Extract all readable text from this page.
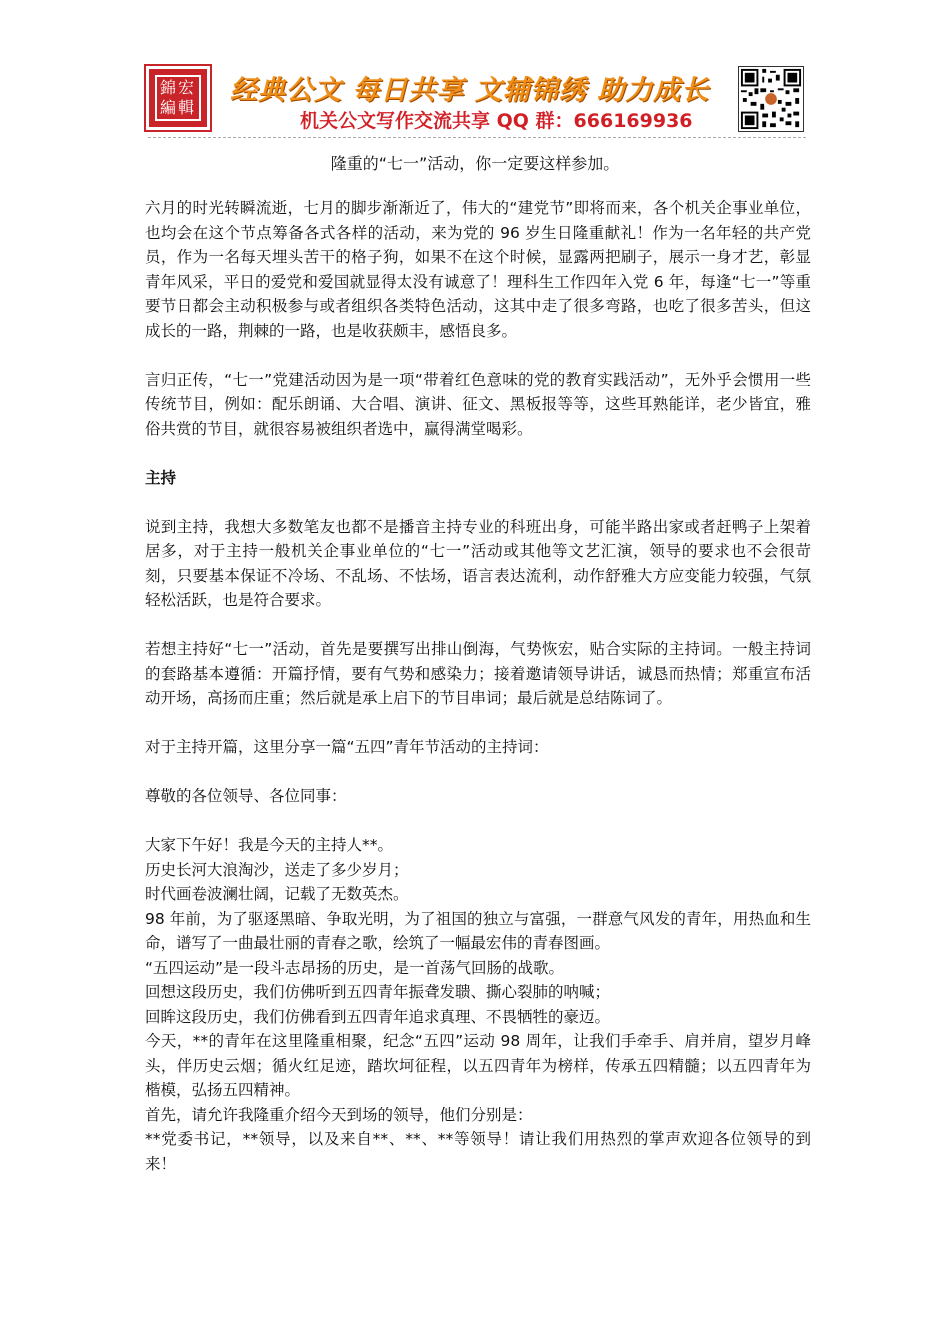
錦宏編輯
经典公文 每日共享 文辅锦绣 助力成长
机关公文写作交流共享 QQ 群：666169936
隆重的“七一”活动，你一定要这样参加。

六月的时光转瞬流逝，七月的脚步渐渐近了，伟大的“建党节”即将而来，各个机关企事业单位，也均会在这个节点筹备各式各样的活动，来为党的 96 岁生日隆重献礼！作为一名年轻的共产党员，作为一名每天埋头苦干的格子狗，如果不在这个时候，显露两把刷子，展示一身才艺，彰显青年风采，平日的爱党和爱国就显得太没有诚意了！理科生工作四年入党 6 年，每逢“七一”等重要节日都会主动积极参与或者组织各类特色活动，这其中走了很多弯路，也吃了很多苦头，但这成长的一路，荆棘的一路，也是收获颇丰，感悟良多。

言归正传，“七一”党建活动因为是一项“带着红色意味的党的教育实践活动”，无外乎会惯用一些传统节目，例如：配乐朗诵、大合唱、演讲、征文、黑板报等等，这些耳熟能详，老少皆宜，雅俗共赏的节目，就很容易被组织者选中，赢得满堂喝彩。

主持

说到主持，我想大多数笔友也都不是播音主持专业的科班出身，可能半路出家或者赶鸭子上架着居多，对于主持一般机关企事业单位的“七一”活动或其他等文艺汇演，领导的要求也不会很苛刻，只要基本保证不冷场、不乱场、不怯场，语言表达流利，动作舒雅大方应变能力较强，气氛轻松活跃，也是符合要求。

若想主持好“七一”活动，首先是要撰写出排山倒海，气势恢宏，贴合实际的主持词。一般主持词的套路基本遵循：开篇抒情，要有气势和感染力；接着邀请领导讲话，诚恳而热情；郑重宣布活动开场，高扬而庄重；然后就是承上启下的节目串词；最后就是总结陈词了。

对于主持开篇，这里分享一篇“五四”青年节活动的主持词：

尊敬的各位领导、各位同事：

大家下午好！我是今天的主持人**。

历史长河大浪淘沙，送走了多少岁月；

时代画卷波澜壮阔，记载了无数英杰。

98 年前，为了驱逐黑暗、争取光明，为了祖国的独立与富强，一群意气风发的青年，用热血和生命，谱写了一曲最壮丽的青春之歌，绘筑了一幅最宏伟的青春图画。

“五四运动”是一段斗志昂扬的历史，是一首荡气回肠的战歌。

回想这段历史，我们仿佛听到五四青年振聋发聩、撕心裂肺的呐喊；

回眸这段历史，我们仿佛看到五四青年追求真理、不畏牺牲的豪迈。

今天，**的青年在这里隆重相聚，纪念“五四”运动 98 周年，让我们手牵手、肩并肩，望岁月峰头，伴历史云烟；循火红足迹，踏坎坷征程，以五四青年为榜样，传承五四精髓；以五四青年为楷模，弘扬五四精神。

首先，请允许我隆重介绍今天到场的领导，他们分别是：

**党委书记，**领导，以及来自**、**、**等领导！请让我们用热烈的掌声欢迎各位领导的到来！
